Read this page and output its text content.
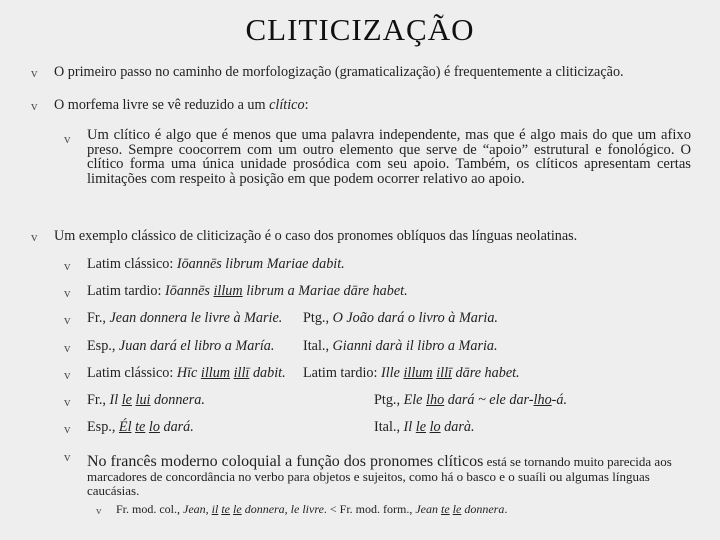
CLITICIZAÇÃO
v O primeiro passo no caminho de morfologização (gramaticalização) é frequentemente a cliticização.
v O morfema livre se vê reduzido a um clítico:
v Um clítico é algo que é menos que uma palavra independente, mas que é algo mais do que um afixo preso. Sempre coocorrem com um outro elemento que serve de “apoio” estrutural e fonológico. O clítico forma uma única unidade prosódica com seu apoio. Também, os clíticos apresentam certas limitações com respeito à posição em que podem ocorrer relativo ao apoio.
v Um exemplo clássico de cliticização é o caso dos pronomes oblíquos das línguas neolatinas.
v Latim clássico: Iōannēs librum Mariae dabit.
v Latim tardio: Iōannēs illum librum a Mariae dāre habet.
v Fr., Jean donnera le livre à Marie. Ptg., O João dará o livro à Maria.
v Esp., Juan dará el libro a María. Ital., Gianni darà il libro a Maria.
v Latim clássico: Hīc illum illī dabit. Latim tardio: Ille illum illī dāre habet.
v Fr., Il le lui donnera.	Ptg., Ele lho dará ~ ele dar-lho-á.
v Esp., Él te lo dará.	Ital., Il le lo darà.
v No francês moderno coloquial a função dos pronomes clíticos está se tornando muito parecida aos marcadores de concordância no verbo para objetos e sujeitos, como há o basco e o suaíli ou algumas línguas caucásias.
v Fr. mod. col., Jean, il te le donnera, le livre. < Fr. mod. form., Jean te le donnera.
